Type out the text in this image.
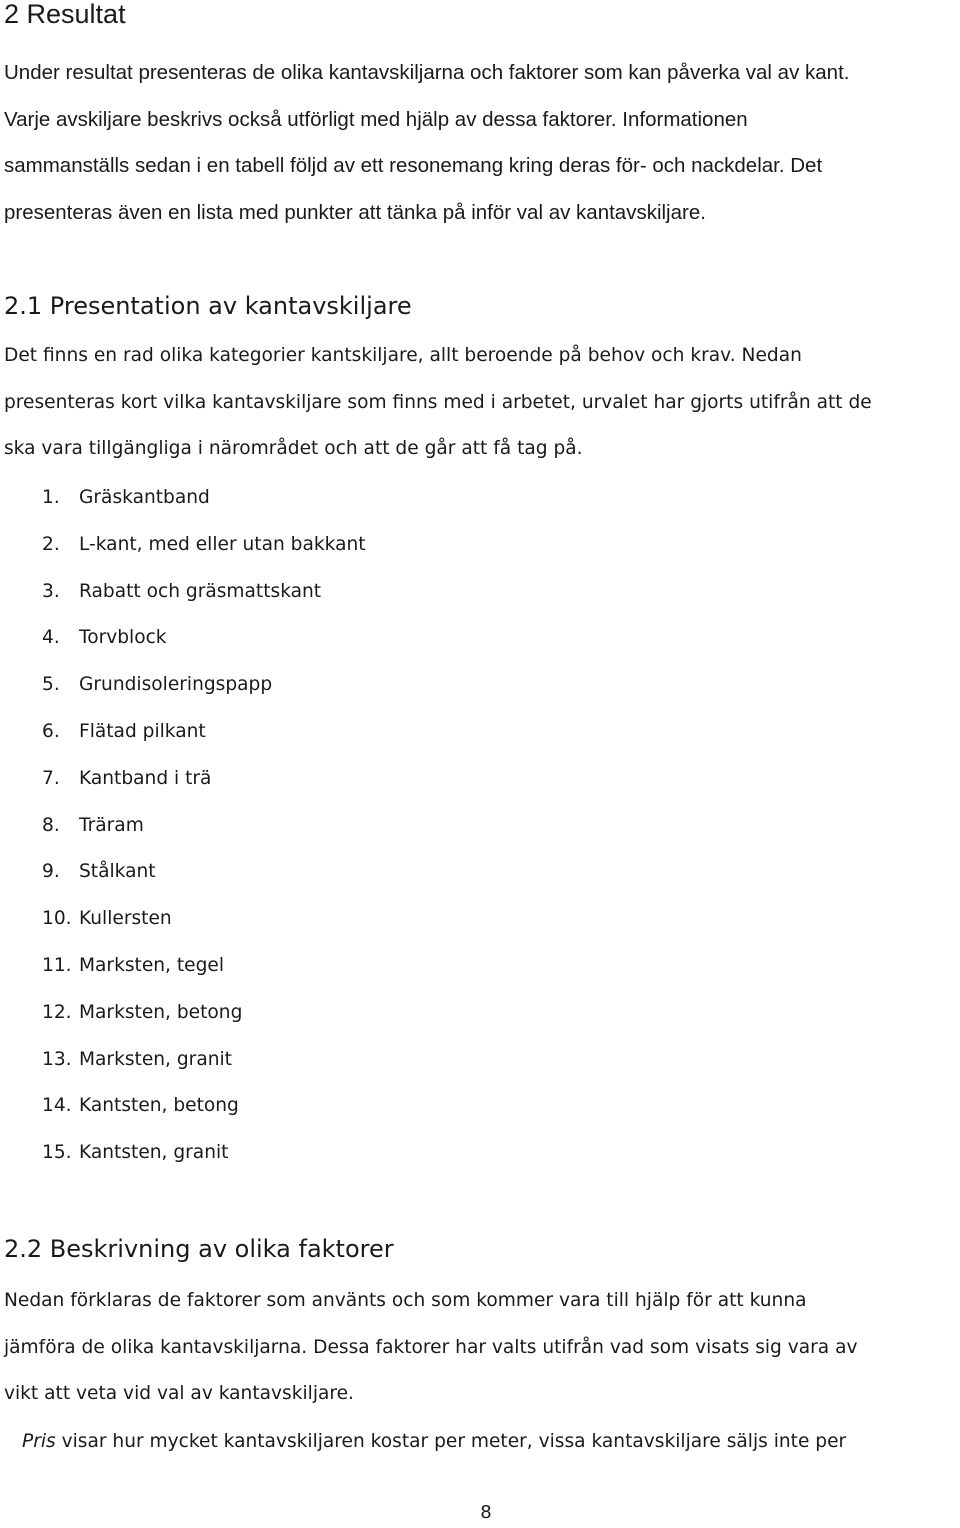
2 Resultat

Under resultat presenteras de olika kantavskiljarna och faktorer som kan påverka val av kant.

Varje avskiljare beskrivs också utförligt med hjälp av dessa faktorer. Informationen

sammanställs sedan i en tabell följd av ett resonemang kring deras för- och nackdelar. Det

presenteras även en lista med punkter att tänka på inför val av kantavskiljare.

2.1 Presentation av kantavskiljare

Det finns en rad olika kategorier kantskiljare, allt beroende på behov och krav. Nedan

presenteras kort vilka kantavskiljare som finns med i arbetet, urvalet har gjorts utifrån att de

ska vara tillgängliga i närområdet och att de går att få tag på.

1. Gräskantband
2. L-kant, med eller utan bakkant
3. Rabatt och gräsmattskant
4. Torvblock
5. Grundisoleringspapp
6. Flätad pilkant
7. Kantband i trä
8. Träram
9. Stålkant
10. Kullersten
11. Marksten, tegel
12. Marksten, betong
13. Marksten, granit
14. Kantsten, betong
15. Kantsten, granit
2.2 Beskrivning av olika faktorer

Nedan förklaras de faktorer som använts och som kommer vara till hjälp för att kunna

jämföra de olika kantavskiljarna. Dessa faktorer har valts utifrån vad som visats sig vara av

vikt att veta vid val av kantavskiljare.

Pris visar hur mycket kantavskiljaren kostar per meter, vissa kantavskiljare säljs inte per
8
